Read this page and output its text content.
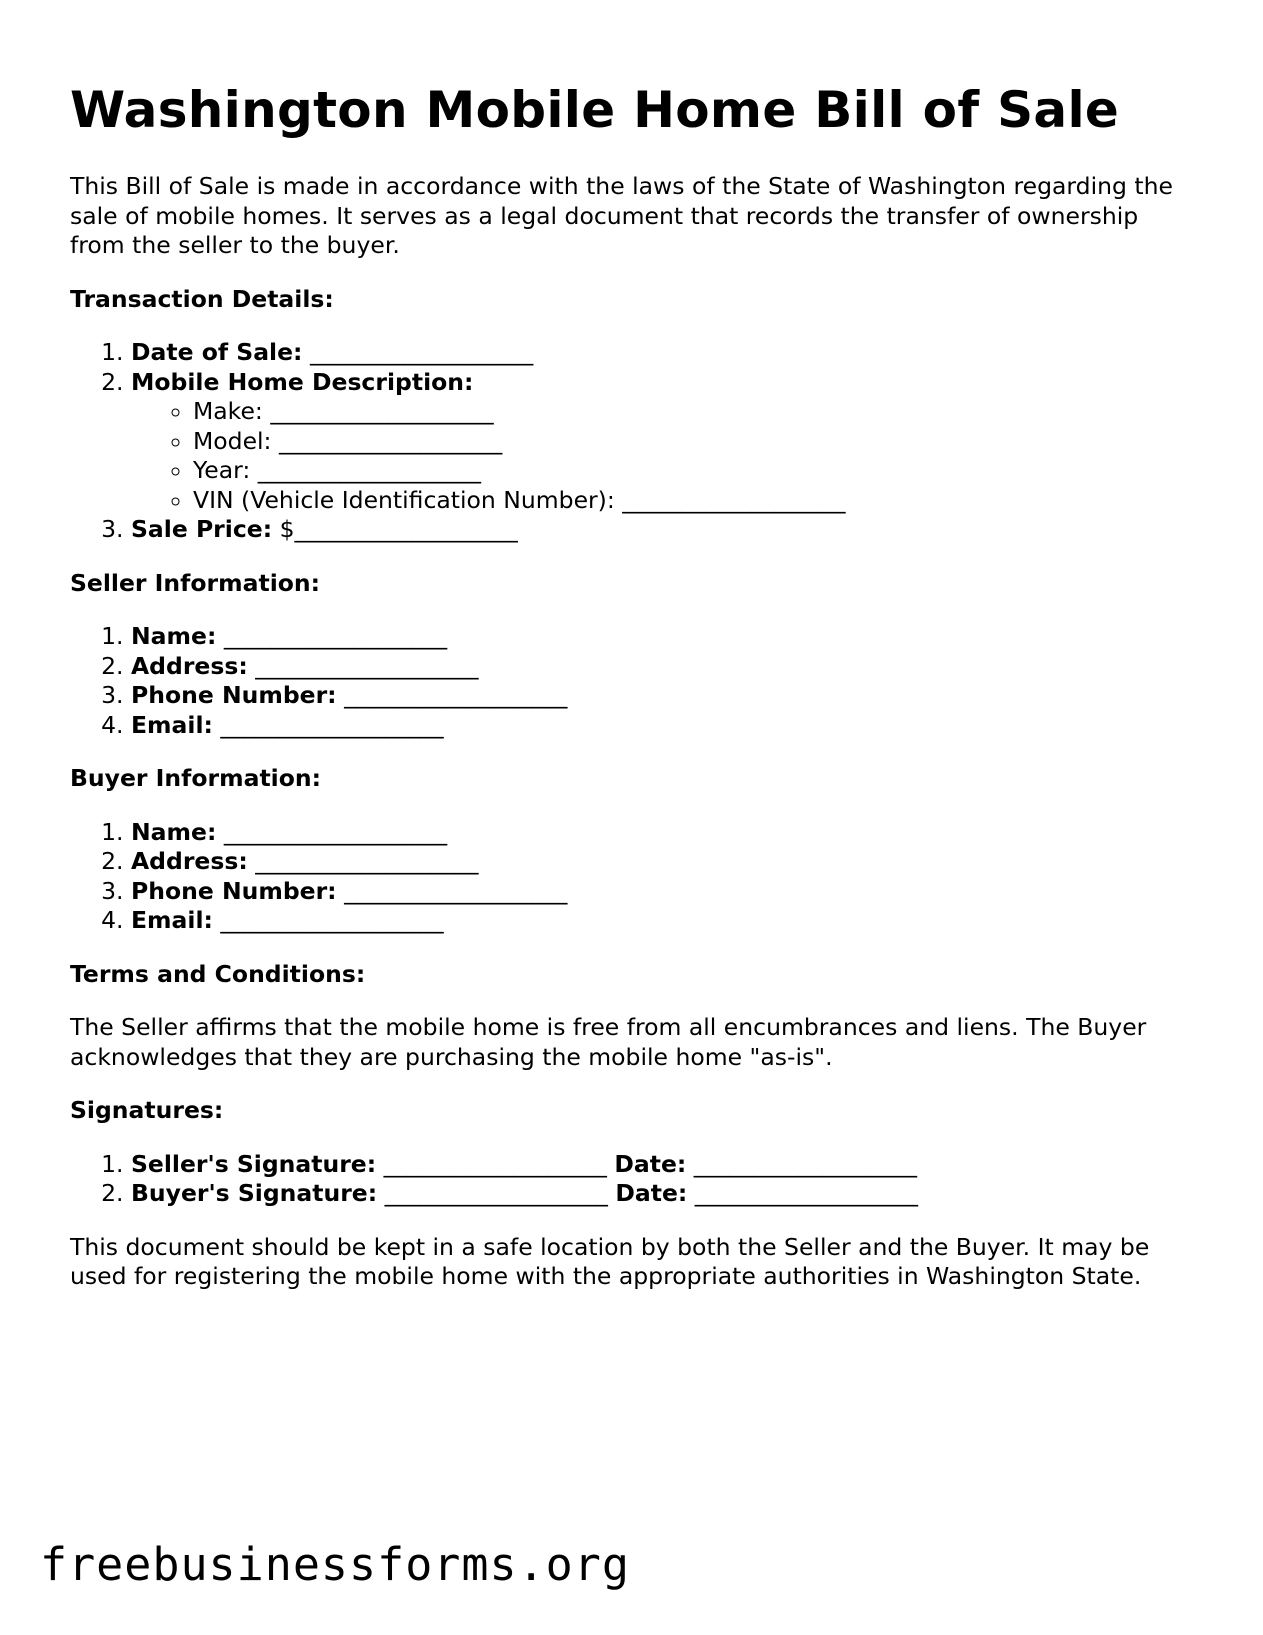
Washington Mobile Home Bill of Sale

This Bill of Sale is made in accordance with the laws of the State of Washington regarding the sale of mobile homes. It serves as a legal document that records the transfer of ownership from the seller to the buyer.

Transaction Details:
1. Date of Sale: ___________________
2. Mobile Home Description:
◦ Make: ___________________
◦ Model: ___________________
◦ Year: ___________________
◦ VIN (Vehicle Identification Number): ___________________
3. Sale Price: $___________________
Seller Information:
1. Name: ___________________
2. Address: ___________________
3. Phone Number: ___________________
4. Email: ___________________
Buyer Information:
1. Name: ___________________
2. Address: ___________________
3. Phone Number: ___________________
4. Email: ___________________
Terms and Conditions:

The Seller affirms that the mobile home is free from all encumbrances and liens. The Buyer acknowledges that they are purchasing the mobile home "as-is".

Signatures:
1. Seller's Signature: ___________________ Date: ___________________
2. Buyer's Signature: ___________________ Date: ___________________

This document should be kept in a safe location by both the Seller and the Buyer. It may be used for registering the mobile home with the appropriate authorities in Washington State.

freebusinessforms.org
